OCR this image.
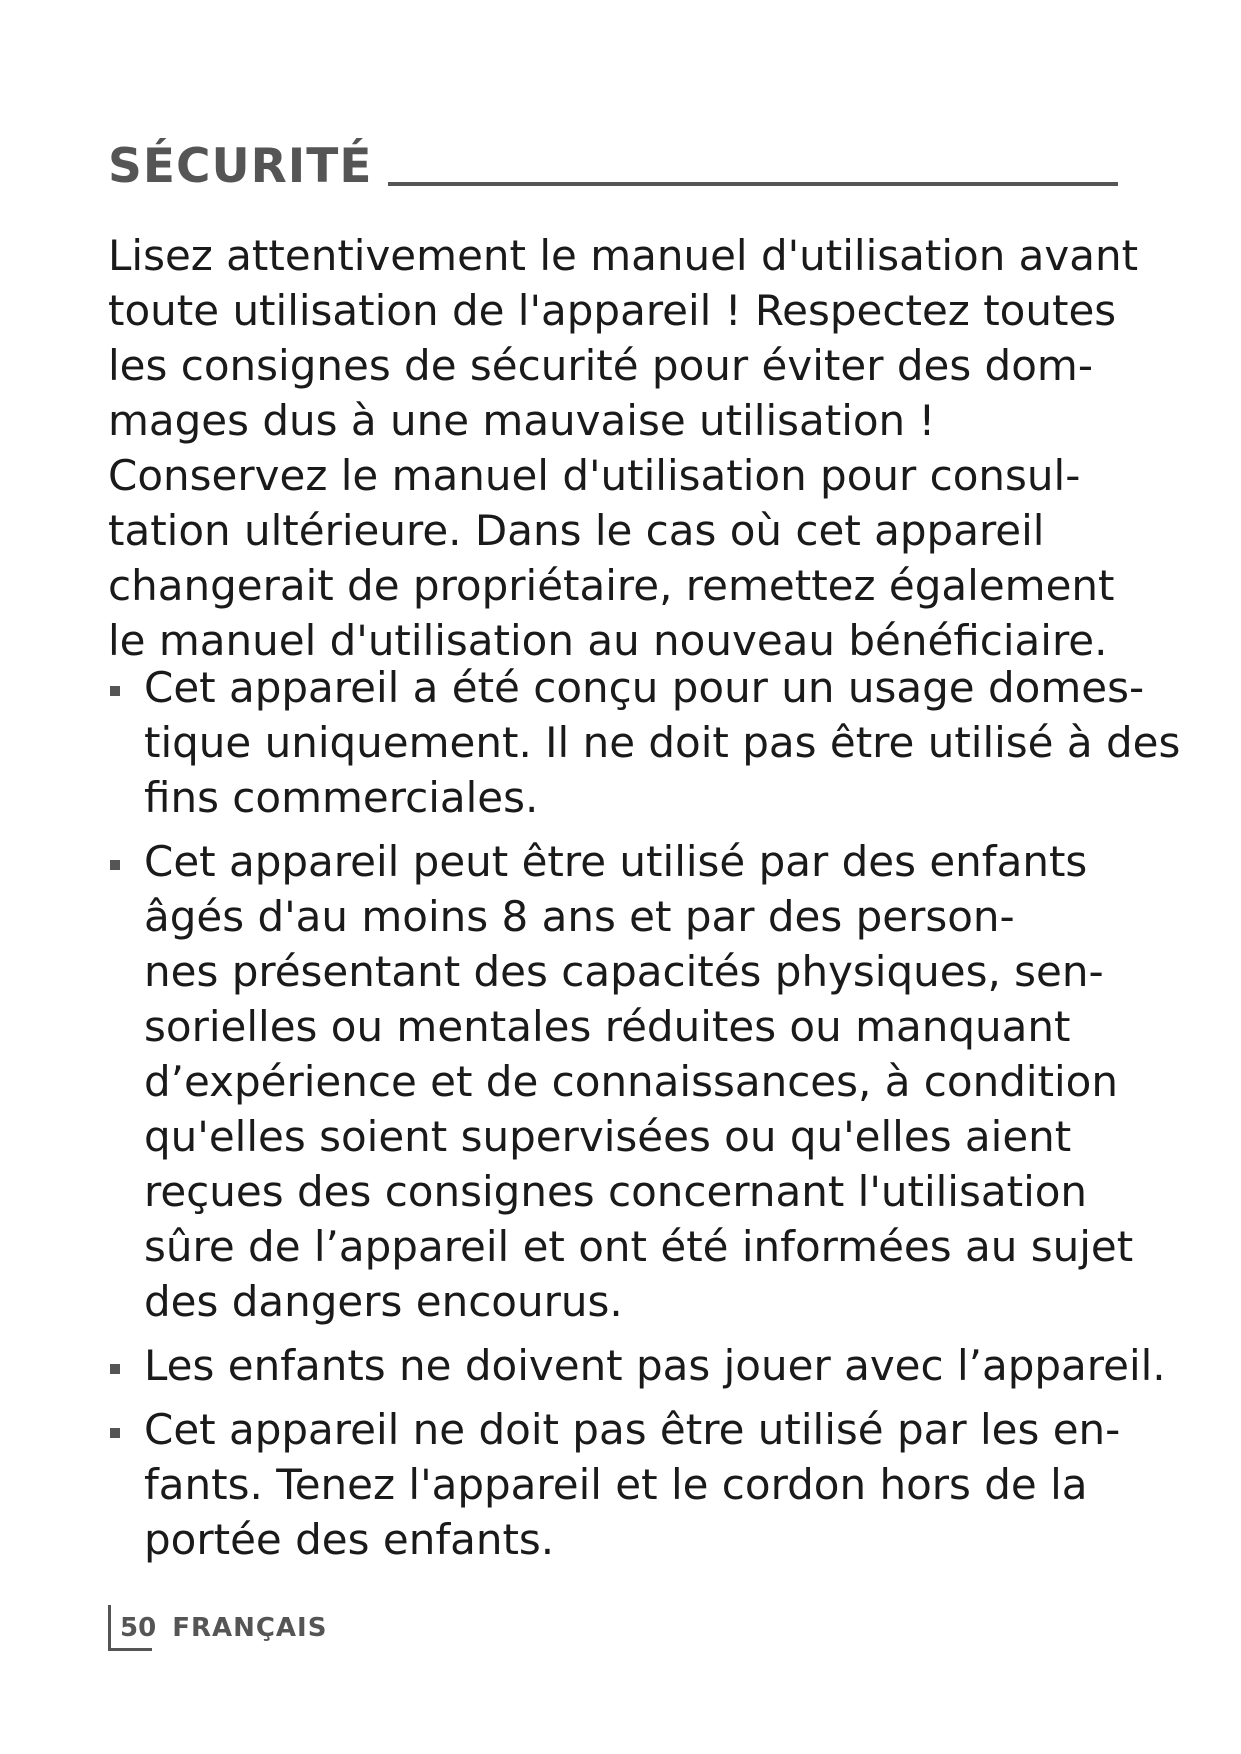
SÉCURITÉ
Lisez attentivement le manuel d'utilisation avant
toute utilisation de l'appareil ! Respectez toutes
les consignes de sécurité pour éviter des dom-
mages dus à une mauvaise utilisation !
Conservez le manuel d'utilisation pour consul-
tation ultérieure. Dans le cas où cet appareil
changerait de propriétaire, remettez également
le manuel d'utilisation au nouveau bénéficiaire.
Cet appareil a été conçu pour un usage domes-
tique uniquement. Il ne doit pas être utilisé à des
fins commerciales.
Cet appareil peut être utilisé par des enfants
âgés d'au moins 8 ans et par des person-
nes présentant des capacités physiques, sen-
sorielles ou mentales réduites ou manquant
d’expérience et de connaissances, à condition
qu'elles soient supervisées ou qu'elles aient
reçues des consignes concernant l'utilisation
sûre de l’appareil et ont été informées au sujet
des dangers encourus.
Les enfants ne doivent pas jouer avec l’appareil.
Cet appareil ne doit pas être utilisé par les en-
fants. Tenez l'appareil et le cordon hors de la
portée des enfants.
50 FRANÇAIS
